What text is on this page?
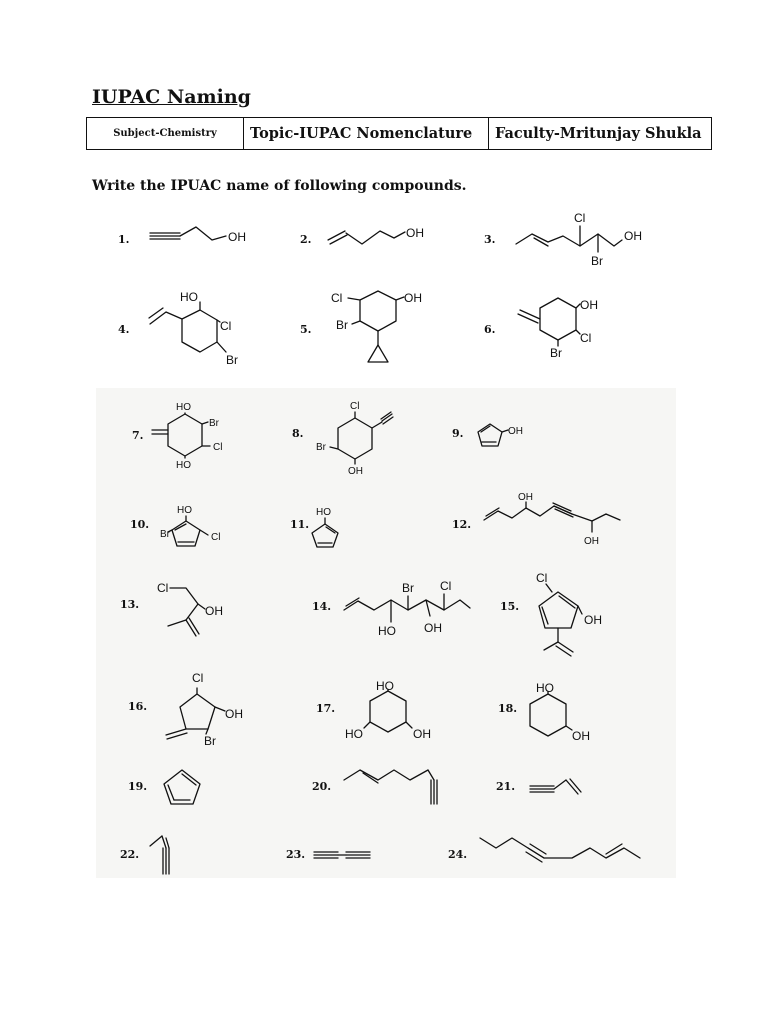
IUPAC Naming
Subject-Chemistry	Topic-IUPAC Nomenclature	Faculty-Mritunjay Shukla

Write the IPUAC name of following compounds.

1.	OH	2.	OH	3.
Cl
Br
OH
4.
HO
Cl
Br
5.
Cl	OH
Br	6.
OH
Cl
Br
7.
HO
Br
Cl
HO
8.
Cl
Br
OH
9.	OH
10.
HO
Br	Cl
11.
HO
12.
OH
OH
13.
Cl
OH	14.
Br
HO OH
Cl
15.
Cl
OH
16.
Cl
OH
Br
17.
HO
HO	OH
18.
HO
OH
19.	20.	21.
22.	23.	24.
